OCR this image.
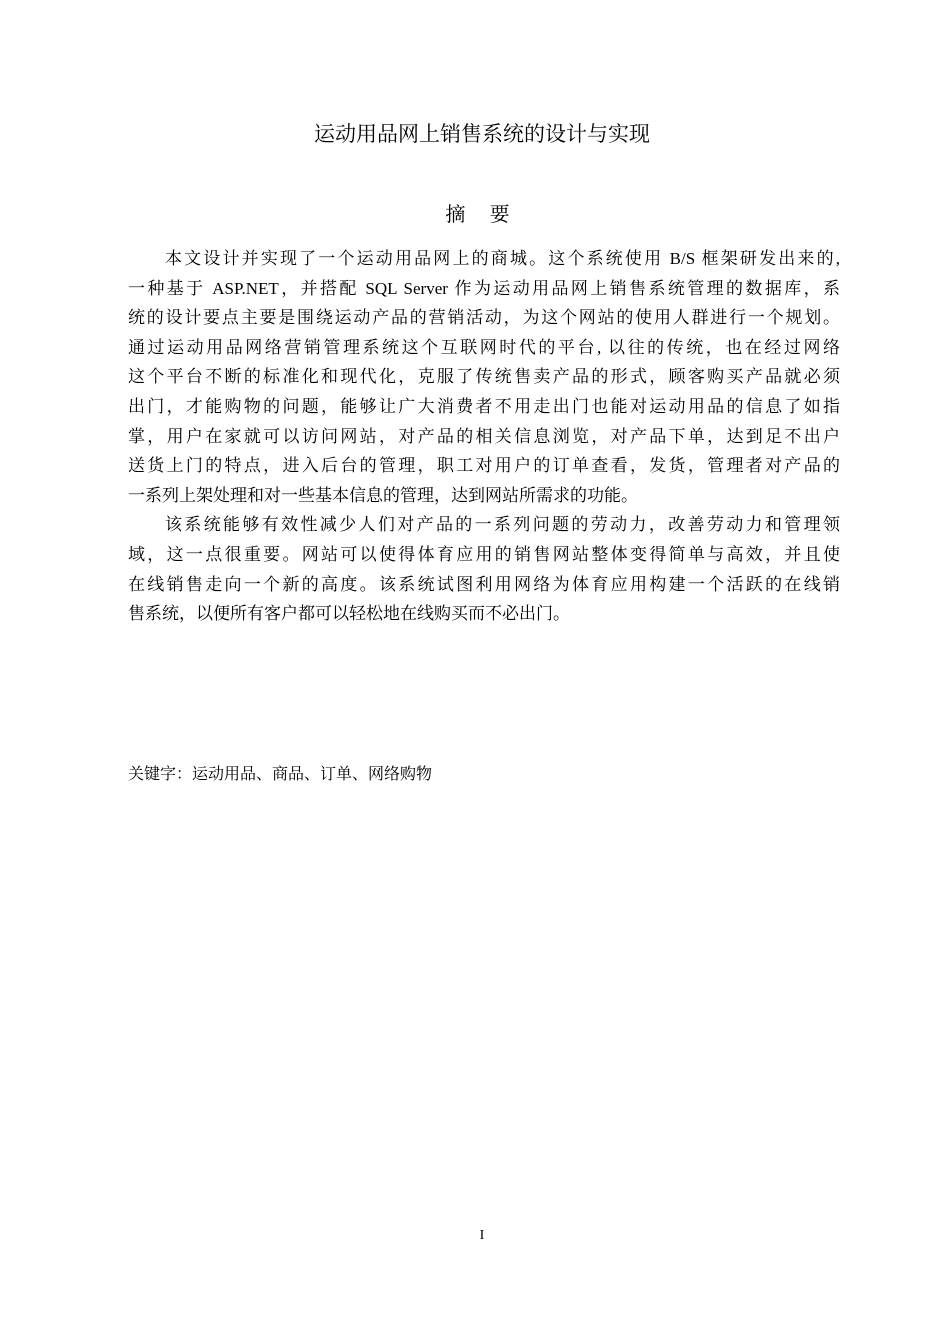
运动用品网上销售系统的设计与实现
摘 要
本文设计并实现了一个运动用品网上的商城。这个系统使用 B/S 框架研发出来的,
一种基于 ASP.NET，并搭配 SQL Server 作为运动用品网上销售系统管理的数据库，系
统的设计要点主要是围绕运动产品的营销活动，为这个网站的使用人群进行一个规划。
通过运动用品网络营销管理系统这个互联网时代的平台, 以往的传统，也在经过网络
这个平台不断的标准化和现代化，克服了传统售卖产品的形式，顾客购买产品就必须
出门，才能购物的问题，能够让广大消费者不用走出门也能对运动用品的信息了如指
掌，用户在家就可以访问网站，对产品的相关信息浏览，对产品下单，达到足不出户
送货上门的特点，进入后台的管理，职工对用户的订单查看，发货，管理者对产品的
一系列上架处理和对一些基本信息的管理，达到网站所需求的功能。
该系统能够有效性减少人们对产品的一系列问题的劳动力，改善劳动力和管理领
域，这一点很重要。网站可以使得体育应用的销售网站整体变得简单与高效，并且使
在线销售走向一个新的高度。该系统试图利用网络为体育应用构建一个活跃的在线销
售系统，以便所有客户都可以轻松地在线购买而不必出门。
关键字：运动用品、商品、订单、网络购物
I
